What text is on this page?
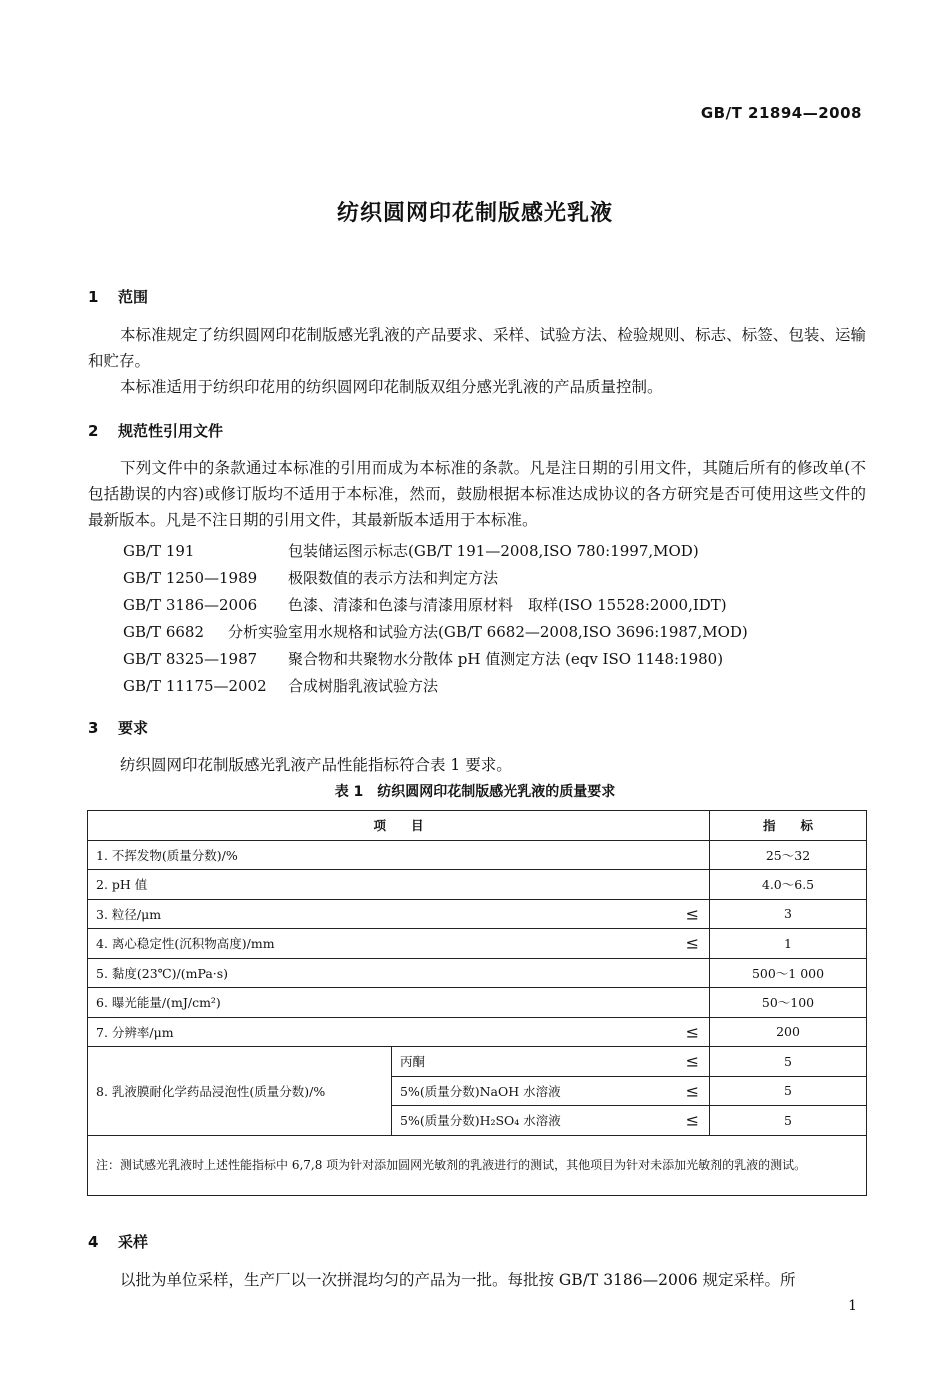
GB/T 21894—2008
纺织圆网印花制版感光乳液
1 范围
本标准规定了纺织圆网印花制版感光乳液的产品要求、采样、试验方法、检验规则、标志、标签、包装、运输和贮存。
本标准适用于纺织印花用的纺织圆网印花制版双组分感光乳液的产品质量控制。
2 规范性引用文件
下列文件中的条款通过本标准的引用而成为本标准的条款。凡是注日期的引用文件，其随后所有的修改单(不包括勘误的内容)或修订版均不适用于本标准，然而，鼓励根据本标准达成协议的各方研究是否可使用这些文件的最新版本。凡是不注日期的引用文件，其最新版本适用于本标准。
GB/T 191	包装储运图示标志(GB/T 191—2008,ISO 780:1997,MOD)
GB/T 1250—1989 极限数值的表示方法和判定方法
GB/T 3186—2006 色漆、清漆和色漆与清漆用原材料　取样(ISO 15528:2000,IDT)
GB/T 6682 分析实验室用水规格和试验方法(GB/T 6682—2008,ISO 3696:1987,MOD)
GB/T 8325—1987 聚合物和共聚物水分散体 pH 值测定方法 (eqv ISO 1148:1980)
GB/T 11175—2002 合成树脂乳液试验方法
3 要求
纺织圆网印花制版感光乳液产品性能指标符合表 1 要求。
表 1　纺织圆网印花制版感光乳液的质量要求
项　　目		指　　标
1. 不挥发物(质量分数)/%		25～32
2. pH 值		4.0～6.5
3. 粒径/μm ≤		3
4. 离心稳定性(沉积物高度)/mm ≤		1
5. 黏度(23℃)/(mPa·s)		500～1 000
6. 曝光能量/(mJ/cm²)		50～100
7. 分辨率/μm ≤		200
8. 乳液膜耐化学药品浸泡性(质量分数)/%	丙酮 ≤	5
	5%(质量分数)NaOH 水溶液 ≤	5
	5%(质量分数)H₂SO₄ 水溶液 ≤	5
注：测试感光乳液时上述性能指标中 6,7,8 项为针对添加圆网光敏剂的乳液进行的测试，其他项目为针对未添加光敏剂的乳液的测试。		
4 采样
以批为单位采样，生产厂以一次拼混均匀的产品为一批。每批按 GB/T 3186—2006 规定采样。所
1
